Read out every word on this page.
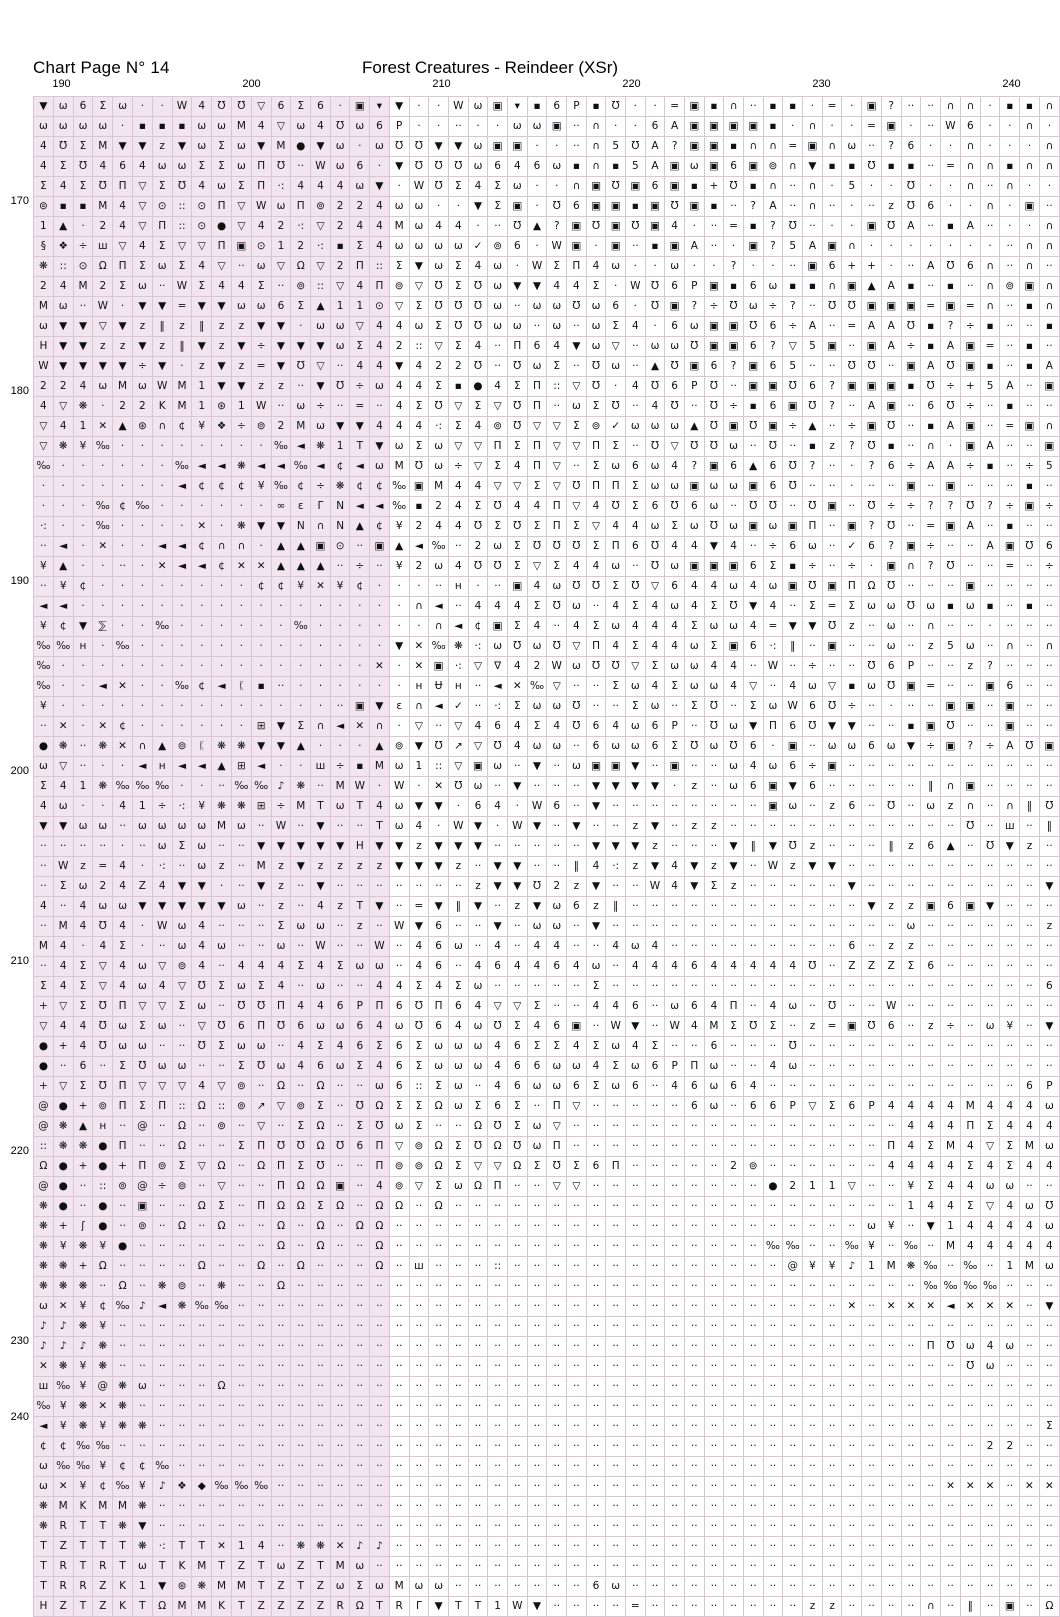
Chart Page N° 14	Forest Creatures - Reindeer (XSr)
190	200	210	220	230	240
170
180
190
200
210
220
230
240
▼	ω	6	Σ	ω	·	·	W	4	Ʊ	Ʊ	▽	6	Σ	6	·	▣	▾	▼	·	·	W	ω	▣	▾	▪	6	P	▪	Ʊ	·	·	=	▣	▪	∩	··	▪	▪	·	=	·	▣	?	··	··	∩	∩	·	▪	▪	∩
ω	ω	ω	ω	·	▪	▪	▪	ω	ω	M	4	▽	ω	4	Ʊ	ω	6	P	·	·	··	·	·	ω	ω	▣	··	∩	·	·	6	A	▣	▣	▣	▣	▪	·	∩	·	·	=	▣	·	··	W	6	·	·	∩	·
4	Ʊ	Σ	M	▼	▼	z	▼	ω	Σ	ω	▼	M	●	▼	ω	·	ω	Ʊ	Ʊ	▼	▼	ω	▣	▣	·	·	··	∩	5	Ʊ	A	?	▣	▣	▪	∩	∩	=	▣	∩	ω	··	?	6	·	·	∩	·	·	·	∩
4	Σ	Ʊ	4	6	4	ω	ω	Σ	Σ	ω	Π	Ʊ	··	W	ω	6	·	▼	Ʊ	Ʊ	Ʊ	ω	6	4	6	ω	▪	∩	▪	5	A	▣	ω	▣	6	▣	⊚	∩	▼	▪	▪	Ʊ	▪	▪	··	=	∩	∩	▪	∩	∩
Σ	4	Σ	Ʊ	Π	▽	Σ	Ʊ	4	ω	Σ	Π	·:	4	4	4	ω	▼	·	W	Ʊ	Σ	4	Σ	ω	·	·	∩	▣	Ʊ	▣	6	▣	▪	+	Ʊ	▪	∩	··	∩	·	5	·	·	Ʊ	·	·	∩	··	∩	·	·
⊜	▪	▪	M	4	▽	⊙	::	⊙	Π	▽	W	ω	Π	⊚	2	2	4	ω	ω	·	·	▼	Σ	▣	·	Ʊ	6	▣	▣	▪	▣	Ʊ	▣	▪	··	?	A	··	∩	··	·	··	z	Ʊ	6	·	·	∩	·	▣	··
1	▲	·	2	4	▽	Π	::	⊙	●	▽	4	2	·:	▽	2	4	4	M	ω	4	4	·	··	Ʊ	▲	?	▣	Ʊ	▣	Ʊ	▣	4	·	··	=	▪	?	Ʊ	··	·	·	▣	Ʊ	A	··	▪	A	··	·	·	∩
§	❖	÷	ш	▽	4	Σ	▽	▽	Π	▣	⊙	1	2	·:	▪	Σ	4	ω	ω	ω	ω	✓	⊚	6	·	W	▣	·	▣	··	▪	▣	A	··	·	▣	?	5	A	▣	∩	·	·	·	·	·	·	·	··	∩	∩
❋	::	⊙	Ω	Π	Σ	ω	Σ	4	▽	··	ω	▽	Ω	▽	2	Π	::	Σ	▼	ω	Σ	4	ω	·	W	Σ	Π	4	ω	·	·	ω	·	·	?	·	·	··	▣	6	+	+	·	··	A	Ʊ	6	∩	··	∩	··
2	4	M	2	Σ	ω	··	W	Σ	4	4	Σ	··	⊚	::	▽	4	Π	⊚	▽	Ʊ	Σ	Ʊ	ω	▼	▼	4	4	Σ	·	W	Ʊ	6	P	▣	▪	6	ω	▪	▪	∩	▣	▲	A	▪	··	▪	··	∩	⊚	▣	∩
M	ω	··	W	·	▼	▼	=	▼	▼	ω	ω	6	Σ	▲	1	1	⊙	▽	Σ	Ʊ	Ʊ	Ʊ	ω	··	ω	ω	Ʊ	ω	6	·	Ʊ	▣	?	÷	Ʊ	ω	÷	?	··	Ʊ	Ʊ	▣	▣	▣	=	▣	=	∩	··	▪	∩
ω	▼	▼	▽	▼	z	‖	z	‖	z	z	▼	▼	·	ω	ω	▽	4	4	ω	Σ	Ʊ	Ʊ	ω	ω	··	ω	··	ω	Σ	4	·	6	ω	▣	▣	Ʊ	6	÷	A	··	=	A	A	Ʊ	▪	?	÷	▪	··	··	▪
H	▼	▼	z	z	▼	z	‖	▼	z	▼	÷	▼	▼	▼	ω	Σ	4	2	::	▽	Σ	4	··	Π	6	4	▼	ω	▽	··	ω	ω	Ʊ	▣	▣	6	?	▽	5	▣	··	▣	A	÷	▪	A	▣	=	··	▪	··
W	▼	▼	▼	▼	÷	▼	·	z	▼	z	=	▼	Ʊ	▽	··	4	4	▼	4	2	2	Ʊ	··	Ʊ	ω	Σ	··	Ʊ	ω	··	▲	Ʊ	▣	6	?	▣	6	5	··	··	Ʊ	Ʊ	··	▣	A	Ʊ	▣	▪	··	▪	A
2	2	4	ω	M	ω	W	M	1	▼	▼	z	z	··	▼	Ʊ	÷	ω	4	4	Σ	▪	●	4	Σ	Π	::	▽	Ʊ	·	4	Ʊ	6	P	Ʊ	··	▣	▣	Ʊ	6	?	▣	▣	▣	▪	Ʊ	÷	+	5	A	··	▣
4	▽	❋	·	2	2	K	M	1	⊛	1	W	··	ω	÷	··	=	··	4	Σ	Ʊ	▽	Σ	▽	Ʊ	Π	··	ω	Σ	Ʊ	··	4	Ʊ	··	Ʊ	÷	▪	6	▣	Ʊ	?	··	A	▣	··	6	Ʊ	÷	··	▪	··	··
▽	4	1	✕	▲	⊛	∩	¢	¥	❖	÷	⊚	2	M	ω	▼	▼	4	4	4	·:	Σ	4	⊚	Ʊ	▽	▽	Σ	⊚	✓	ω	ω	ω	▲	Ʊ	▣	Ʊ	▣	÷	▲	··	÷	▣	Ʊ	··	▪	A	▣	··	=	▣	∩
▽	❋	¥	‰	·	·	·	·	·	·	·	·	‰	◄	❋	1	T	▼	ω	Σ	ω	▽	▽	Π	Σ	Π	▽	▽	Π	Σ	··	Ʊ	▽	Ʊ	Ʊ	ω	··	Ʊ	··	▪	z	?	Ʊ	▪	··	∩	·	▣	A	··	··	▣
‰	·	·	·	·	·	·	‰	◄	◄	❋	◄	◄	‰	◄	¢	◄	ω	M	Ʊ	ω	÷	▽	Σ	4	Π	▽	··	Σ	ω	6	ω	4	?	▣	6	▲	6	Ʊ	?	··	·	?	6	÷	A	A	÷	▪	··	÷	5
·	·	·	·	·	·	·	◄	¢	¢	¢	¥	‰	¢	÷	❋	¢	¢	‰	▣	M	4	4	▽	▽	Σ	▽	Ʊ	Π	Π	Σ	ω	ω	▣	ω	ω	▣	6	Ʊ	··	··	·	··	··	▣	··	▣	··	··	··	▪	··
·	·	·	‰	¢	‰	·	·	·	·	·	·	∞	ε	Γ	N	◄	◄	‰	▪	2	4	Σ	Ʊ	4	4	Π	▽	4	Ʊ	Σ	6	Ʊ	6	ω	··	Ʊ	Ʊ	··	Ʊ	▣	··	Ʊ	÷	÷	?	?	Ʊ	?	÷	▣	÷
·:	·	·	‰	·	·	·	·	✕	·	❋	▼	▼	N	∩	N	▲	¢	¥	2	4	4	Ʊ	Σ	Ʊ	Σ	Π	Σ	▽	4	4	ω	Σ	ω	Ʊ	ω	▣	ω	▣	Π	··	▣	?	Ʊ	··	=	▣	A	··	▪	··	··
··	◄	·	✕	·	·	◄	◄	¢	∩	∩	·	▲	▲	▣	⊙	··	▣	▲	◄	‰	··	2	ω	Σ	Ʊ	Ʊ	Ʊ	Σ	Π	6	Ʊ	4	4	▼	4	··	÷	6	ω	··	✓	6	?	▣	÷	··	··	A	▣	Ʊ	6
¥	▲	·	·	··	·	✕	◄	◄	¢	✕	✕	▲	▲	▲	··	÷	··	¥	2	ω	4	Ʊ	Ʊ	Σ	▽	Σ	4	4	ω	··	Ʊ	ω	▣	▣	▣	6	Σ	▪	÷	··	÷	·	▣	∩	?	Ʊ	··	··	=	··	÷
··	¥	¢	·	·	·	·	·	·	·	·	¢	¢	¥	✕	¥	¢	·	·	·	··	ʜ	·	··	▣	4	ω	Ʊ	Ʊ	Σ	Ʊ	▽	6	4	4	ω	4	ω	▣	Ʊ	▣	Π	Ω	Ʊ	··	··	··	▣	··	··	··	··
◄	◄	·	·	·	·	·	·	·	·	·	·	·	·	·	·	·	·	·	∩	◄	··	4	4	4	Σ	Ʊ	ω	··	4	Σ	4	ω	4	Σ	Ʊ	▼	4	··	Σ	=	Σ	ω	ω	Ʊ	ω	▪	ω	▪	··	▪	··
¥	¢	▼	⅀	·	·	‰	·	·	·	·	·	·	‰	·	·	·	·	·	·	∩	◄	¢	▣	Σ	4	··	4	Σ	ω	4	4	4	Σ	ω	ω	4	=	▼	▼	Ʊ	z	··	ω	··	∩	··	··	·	··	··	··
‰	‰	ʜ	·	‰	·	·	·	·	·	·	·	·	·	·	·	·	·	▼	✕	‰	❋	·:	ω	Ʊ	ω	Ʊ	▽	Π	4	Σ	4	4	ω	Σ	▣	6	·:	‖	··	▣	··	··	ω	··	z	5	ω	··	∩	··	∩
‰	·	·	·	·	·	·	·	·	·	·	·	·	·	·	·	·	✕	·	✕	▣	·:	▽	∇	4	2	W	ω	Ʊ	Ʊ	▽	Σ	ω	ω	4	4	··	W	··	÷	··	··	Ʊ	6	P	··	··	z	?	··	··	··
‰	·	·	◄	✕	·	·	‰	¢	◄	ᛕ	▪	··	·	·	·	·	·	·	ʜ	Ʉ	ʜ	··	◄	✕	‰	▽	··	··	Σ	ω	4	Σ	ω	ω	4	▽	··	4	ω	▽	▪	ω	Ʊ	▣	=	··	··	▣	6	··	··
¥	·	·	·	·	·	·	·	·	·	·	·	·	·	·	··	▣	▼	ε	∩	◄	✓	··	·:	Σ	ω	ω	Ʊ	··	··	Σ	ω	··	Σ	Ʊ	··	Σ	ω	W	6	Ʊ	÷	··	·	··	··	▣	▣	··	▣	··	··
··	✕	·	✕	¢	·	·	·	·	·	·	⊞	▼	Σ	∩	◄	✕	∩	·	▽	··	▽	4	6	4	Σ	4	Ʊ	6	4	ω	6	P	··	Ʊ	ω	▼	Π	6	Ʊ	▼	▼	··	··	▪	▣	Ʊ	··	··	▣	··	··
●	❋	··	❋	✕	∩	▲	⊚	ᛕ	❋	❋	▼	▼	▲	·	·	·	▲	⊚	▼	Ʊ	↗	▽	Ʊ	4	ω	ω	··	6	ω	ω	6	Σ	Ʊ	ω	Ʊ	6	·	▣	··	ω	ω	6	ω	▼	÷	▣	?	÷	A	Ʊ	▣
ω	▽	··	·	·	◄	ʜ	◄	◄	▲	⊞	◄	·	·	ш	÷	▪	M	ω	1	::	▽	▣	ω	··	▼	··	ω	▣	▣	▼	··	▣	··	··	ω	4	ω	6	÷	▣	··	··	··	··	··	··	··	··	··	··	··
Σ	4	1	❋	‰	‰	‰	·	·	··	‰	‰	♪	❋	··	M	W	·	W	·	✕	Ʊ	ω	··	▼	··	··	··	▼	▼	▼	▼	·	z	··	ω	6	▣	▼	6	··	··	··	··	··	‖	∩	▣	··	··	··	··
4	ω	·	·	4	1	÷	·:	¥	❋	❋	⊞	÷	M	T	ω	T	4	ω	▼	▼	·	6	4	·	W	6	··	▼	··	··	··	··	··	··	··	··	▣	ω	··	z	6	··	Ʊ	··	ω	z	∩	··	∩	‖	Ʊ
▼	▼	ω	ω	··	ω	ω	ω	ω	M	ω	··	W	··	▼	··	··	T	ω	4	·	W	▼	·	W	▼	··	▼	··	··	z	▼	··	z	z	··	··	··	··	··	··	··	··	··	··	··	··	Ʊ	··	ш	··	‖
··	··	··	··	·	··	ω	Σ	ω	··	··	▼	▼	▼	▼	▼	H	▼	▼	z	▼	▼	▼	··	··	··	··	··	▼	▼	▼	z	··	··	··	▼	‖	▼	Ʊ	z	··	··	··	‖	z	6	▲	··	Ʊ	▼	z	··
··	W	z	=	4	·	·:	··	ω	z	··	M	z	▼	z	z	z	z	▼	▼	▼	z	··	▼	▼	··	··	‖	4	·:	z	▼	4	▼	z	▼	··	W	z	▼	▼	··	··	··	··	··	··	··	··	··	··	··
··	Σ	ω	2	4	Z	4	▼	▼	·	··	▼	z	··	▼	··	··	··	··	··	··	··	z	▼	▼	Ʊ	2	z	▼	··	··	W	4	▼	Σ	z	··	··	··	··	··	▼	··	··	··	··	··	··	··	··	··	▼
4	··	4	ω	ω	▼	▼	▼	▼	▼	ω	··	z	··	4	z	T	▼	··	=	▼	‖	▼	··	z	▼	ω	6	z	‖	··	··	··	··	··	··	··	··	··	··	··	··	▼	z	z	▣	6	▣	▼	··	··	··
··	M	4	Ʊ	4	·	W	ω	4	··	··	··	Σ	ω	ω	··	z	··	W	▼	6	··	··	▼	··	ω	ω	··	▼	··	··	··	··	··	··	··	··	··	··	··	··	··	··	··	ω	··	··	··	··	··	··	z
M	4	·	4	Σ	·	··	ω	4	ω	··	··	ω	··	W	··	··	W	··	4	6	ω	··	4	··	4	4	··	··	4	ω	4	··	··	··	··	··	··	··	··	··	6	··	z	z	··	··	··	··	··	··	··
··	4	Σ	▽	4	ω	▽	⊚	4	··	4	4	4	Σ	4	Σ	ω	ω	··	4	6	··	4	6	4	4	6	4	ω	··	4	4	4	6	4	4	4	4	4	Ʊ	··	Z	Z	Z	Σ	6	··	··	··	··	··	··
Σ	4	Σ	▽	4	ω	4	▽	Ʊ	Σ	ω	Σ	4	··	ω	··	··	4	4	Σ	4	Σ	ω	··	··	··	··	··	Σ	··	··	··	··	··	··	··	··	··	··	··	··	··	··	··	··	··	··	··	··	··	··	6
+	▽	Σ	Ʊ	Π	▽	▽	Σ	ω	··	Ʊ	Ʊ	Π	4	4	6	P	Π	6	Ʊ	Π	6	4	▽	▽	Σ	··	··	4	4	6	··	ω	6	4	Π	··	4	ω	··	Ʊ	··	··	W	··	··	··	··	··	··	··	··
▽	4	4	Ʊ	ω	Σ	ω	··	▽	Ʊ	6	Π	Ʊ	6	ω	ω	6	4	ω	Ʊ	6	4	ω	Ʊ	Σ	4	6	▣	··	W	▼	··	W	4	M	Σ	Ʊ	Σ	··	z	=	▣	Ʊ	6	··	z	÷	··	ω	¥	··	▼
●	+	4	Ʊ	ω	ω	··	··	Ʊ	Σ	ω	ω	··	4	Σ	4	6	Σ	6	Σ	ω	ω	ω	4	6	Σ	Σ	4	Σ	ω	4	Σ	··	··	6	··	··	··	Ʊ	··	··	··	··	··	··	··	··	··	··	··	··	··
●	··	6	··	Σ	Ʊ	ω	ω	··	··	Σ	Ʊ	ω	4	6	ω	Σ	4	6	Σ	ω	ω	ω	4	6	6	ω	ω	4	Σ	ω	6	P	Π	ω	··	··	4	ω	··	··	··	··	··	··	··	··	··	··	··	··	··
+	▽	Σ	Ʊ	Π	▽	▽	▽	4	▽	⊚	··	Ω	··	Ω	··	··	ω	6	::	Σ	ω	··	4	6	ω	ω	6	Σ	ω	6	··	4	6	ω	6	4	··	··	··	··	··	··	··	··	··	··	··	··	··	6	P
@	●	+	⊚	Π	Σ	Π	::	Ω	::	⊚	↗	▽	⊚	Σ	··	Ʊ	Ω	Σ	Σ	Ω	ω	Σ	6	Σ	··	Π	▽	··	··	··	··	··	6	ω	··	6	6	P	▽	Σ	6	P	4	4	4	4	M	4	4	4	ω
@	❋	▲	ʜ	··	@	··	Ω	··	⊚	··	▽	··	Σ	Ω	··	Σ	Ʊ	ω	Σ	··	··	Ω	Ʊ	Σ	ω	▽	··	··	··	··	··	··	··	··	··	··	··	··	··	··	··	··	··	4	4	4	Π	Σ	4	4	4
::	❋	❋	●	Π	··	··	Ω	··	··	Σ	Π	Ʊ	Ʊ	Ω	Ʊ	6	Π	▽	⊚	Ω	Σ	Ʊ	Ω	Ʊ	ω	Π	··	··	··	··	··	··	··	··	··	··	··	··	··	··	··	··	Π	4	Σ	M	4	▽	Σ	M	ω
Ω	●	+	●	+	Π	⊚	Σ	▽	Ω	··	Ω	Π	Σ	Ʊ	··	··	Π	⊚	⊚	Ω	Σ	▽	▽	Ω	Σ	Ʊ	Σ	6	Π	··	··	··	··	··	2	⊚	··	··	··	··	··	··	4	4	4	4	Σ	4	Σ	4	4
@	●	··	::	⊚	@	÷	⊚	··	▽	··	··	Π	Ω	Ω	▣	··	4	⊚	▽	Σ	ω	Ω	Π	··	··	▽	▽	··	··	··	··	··	··	··	··	··	●	2	1	1	▽	··	··	¥	Σ	4	4	ω	ω	··	··
❋	●	··	●	··	▣	··	··	Ω	Σ	··	Π	Ω	Ω	Σ	Ω	··	Ω	Ω	··	Ω	··	··	··	··	··	··	··	··	··	··	··	··	··	··	··	··	··	··	··	··	··	··	··	1	4	4	Σ	▽	4	ω	Ʊ
❋	+	ʃ	●	··	⊚	··	Ω	··	Ω	··	··	Ω	··	Ω	··	Ω	Ω	··	··	··	··	··	··	··	··	··	··	··	··	··	··	··	··	··	··	··	··	··	··	··	··	ω	¥	··	▼	1	4	4	4	4	ω
❋	¥	❋	¥	●	··	··	··	··	··	··	··	Ω	··	Ω	··	··	Ω	··	··	··	··	··	··	··	··	··	··	··	··	··	··	··	··	··	··	··	‰	‰	··	··	‰	¥	··	‰	··	M	4	4	4	4	4
❋	❋	+	Ω	··	··	··	··	Ω	··	··	Ω	··	Ω	··	··	··	Ω	··	ш	··	··	··	::	··	··	··	··	··	··	··	··	··	··	··	··	··	··	@	¥	¥	♪	1	M	❋	‰	··	‰	··	1	M	ω
❋	❋	❋	··	Ω	··	❋	⊚	··	❋	··	··	Ω	··	··	··	··	··	··	··	··	··	··	··	··	··	··	··	··	··	··	··	··	··	··	··	··	··	··	··	··	··	··	··	··	‰	‰	‰	‰	··	··	··
ω	✕	¥	¢	‰	♪	◄	❋	‰	‰	··	··	··	··	··	··	··	··	··	··	··	··	··	··	··	··	··	··	··	··	··	··	··	··	··	··	··	··	··	··	··	✕	··	✕	✕	✕	◄	✕	✕	✕	··	▼
♪	♪	❋	¥	··	··	··	··	··	··	··	··	··	··	··	··	··	··	··	··	··	··	··	··	··	··	··	··	··	··	··	··	··	··	··	··	··	··	··	··	··	··	··	··	··	··	··	··	··	··	··	··
♪	♪	♪	❋	··	··	··	··	··	··	··	··	··	··	··	··	··	··	··	··	··	··	··	··	··	··	··	··	··	··	··	··	··	··	··	··	··	··	··	··	··	··	··	··	··	Π	Ʊ	ω	4	ω	··	··
✕	❋	¥	❋	··	··	··	··	··	··	··	··	··	··	··	··	··	··	··	··	··	··	··	··	··	··	··	··	··	··	··	··	··	··	··	··	··	··	··	··	··	··	··	··	··	··	··	Ʊ	ω	··	··	··
ш	‰	¥	@	❋	ω	··	··	··	Ω	··	··	··	··	··	··	··	··	··	··	··	··	··	··	··	··	··	··	··	··	··	··	··	··	··	··	··	··	··	··	··	··	··	··	··	··	··	··	··	··	··	··
‰	¥	❋	✕	❋	··	··	··	··	··	··	··	··	··	··	··	··	··	··	··	··	··	··	··	··	··	··	··	··	··	··	··	··	··	··	··	··	··	··	··	··	··	··	··	··	··	··	··	··	··	··	··
◄	¥	❋	¥	❋	❋	··	··	··	··	··	··	··	··	··	··	··	··	··	··	··	··	··	··	··	··	··	··	··	··	··	··	··	··	··	··	··	··	··	··	··	··	··	··	··	··	··	··	··	··	··	Σ
¢	¢	‰	‰	··	··	··	··	··	··	··	··	··	··	··	··	··	··	··	··	··	··	··	··	··	··	··	··	··	··	··	··	··	··	··	··	··	··	··	··	··	··	··	··	··	··	··	··	2	2	··	··
ω	‰	‰	¥	¢	¢	‰	··	··	··	··	··	··	··	··	··	··	··	··	··	··	··	··	··	··	··	··	··	··	··	··	··	··	··	··	··	··	··	··	··	··	··	··	··	··	··	··	··	··	··	··	··
ω	✕	¥	¢	‰	¥	♪	❖	◆	‰	‰	‰	··	··	··	··	··	··	··	··	··	··	··	··	··	··	··	··	··	··	··	··	··	··	··	··	··	··	··	··	··	··	··	··	··	··	✕	✕	✕	··	✕	✕
❋	M	K	M	M	❋	··	··	··	··	··	··	··	··	··	··	··	··	··	··	··	··	··	··	··	··	··	··	··	··	··	··	··	··	··	··	··	··	··	··	··	··	··	··	··	··	··	··	··	··	··	··
❋	R	T	T	❋	▼	··	··	··	··	··	··	··	··	··	··	··	··	··	··	··	··	··	··	··	··	··	··	··	··	··	··	··	··	··	··	··	··	··	··	··	··	··	··	··	··	··	··	··	··	··	··
T	Z	T	T	T	❋	·:	T	T	✕	1	4	··	❋	❋	✕	♪	♪	··	··	··	··	··	··	··	··	··	··	··	··	··	··	··	··	··	··	··	··	··	··	··	··	··	··	··	··	··	··	··	··	··	··
T	R	T	R	T	ω	T	K	M	T	Z	T	ω	Z	T	M	ω	··	··	··	··	··	··	··	··	··	··	··	··	··	··	··	··	··	··	··	··	··	··	··	··	··	··	··	··	··	··	··	··	··	··	··
T	R	R	Z	K	1	▼	⊛	❋	M	M	T	Z	T	Z	ω	Σ	ω	M	ω	ω	··	··	··	··	··	··	··	6	ω	··	··	··	··	··	··	··	··	··	··	··	··	··	··	··	··	··	··	··	··	··	··
H	Z	T	Z	K	T	Ω	M	M	K	T	Z	Z	Z	Z	R	Ω	T	R	Γ	▼	T	T	1	W	▼	··	··	··	··	=	··	··	··	··	··	··	··	··	z	z	··	··	··	··	∩	··	‖	··	▣	··	Ω
